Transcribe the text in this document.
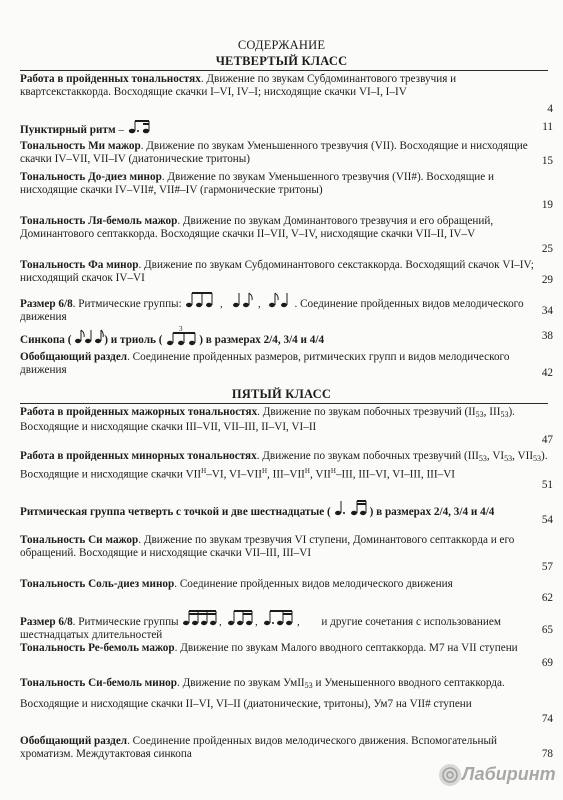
СОДЕРЖАНИЕ
ЧЕТВЕРТЫЙ КЛАСС
Работа в пройденных тональностях. Движение по звукам Субдоминантового трезвучия и квартсекстаккорда. Восходящие скачки I–VI, IV–I; нисходящие скачки VI–I, I–IV
4
Пунктирный ритм –	11
Тональность Ми мажор. Движение по звукам Уменьшенного трезвучия (VII). Восходящие и нисходящие скачки IV–VII, VII–IV (диатонические тритоны)	15
Тональность До-диез минор. Движение по звукам Уменьшенного трезвучия (VII#). Восходящие и нисходящие скачки IV–VII#, VII#–IV (гармонические тритоны)
19
Тональность Ля-бемоль мажор. Движение по звукам Доминантового трезвучия и его обращений, Доминантового септаккорда. Восходящие скачки II–VII, V–IV, нисходящие скачки VII–II, IV–V
25
Тональность Фа минор. Движение по звукам Субдоминантового секстаккорда. Восходящий скачок VI–IV; нисходящий скачок IV–VI	29
Размер 6/8. Ритмические группы:	,	,	. Соединение пройденных видов мелодического движения	34
Синкопа (	) и триоль (
3
) в размерах 2/4, 3/4 и 4/4	38
Обобщающий раздел. Соединение пройденных размеров, ритмических групп и видов мелодического движения	42
ПЯТЫЙ КЛАСС
Работа в пройденных мажорных тональностях. Движение по звукам побочных трезвучий ($II_{53}$, $III_{53}$). Восходящие и нисходящие скачки III–VII, VII–III, II–VI, VI–II
47
Работа в пройденных минорных тональностях. Движение по звукам побочных трезвучий ($III_{53}$, $VI_{53}$, $VII_{53}$). Восходящие и нисходящие скачки $VII^H-VI$, $VI-VII^H$, III–$VII^H$, $VII^H$–III, III–VI, VI–III, III–VI
51
Ритмическая группа четверть с точкой и две шестнадцатые (	) в размерах 2/4, 3/4 и 4/4
54
Тональность Си мажор. Движение по звукам трезвучия VI ступени, Доминантового септаккорда и его обращений. Восходящие и нисходящие скачки VII–III, III–VI
57
Тональность Соль-диез минор. Соединение пройденных видов мелодического движения
62
Размер 6/8. Ритмические группы	,	,	, и другие сочетания с использованием шестнадцатых длительностей	65
Тональность Ре-бемоль мажор. Движение по звукам Малого вводного септаккорда. M7 на VII ступени
69
Тональность Си-бемоль минор. Движение по звукам УмII$_{53}$ и Уменьшенного вводного септаккорда. Восходящие и нисходящие скачки II–VI, VI–II (диатонические, тритоны), Ум7 на VII# ступени
74
Обобщающий раздел. Соединение пройденных видов мелодического движения. Вспомогательный хроматизм. Междутактовая синкопа	78
Лабиринт
